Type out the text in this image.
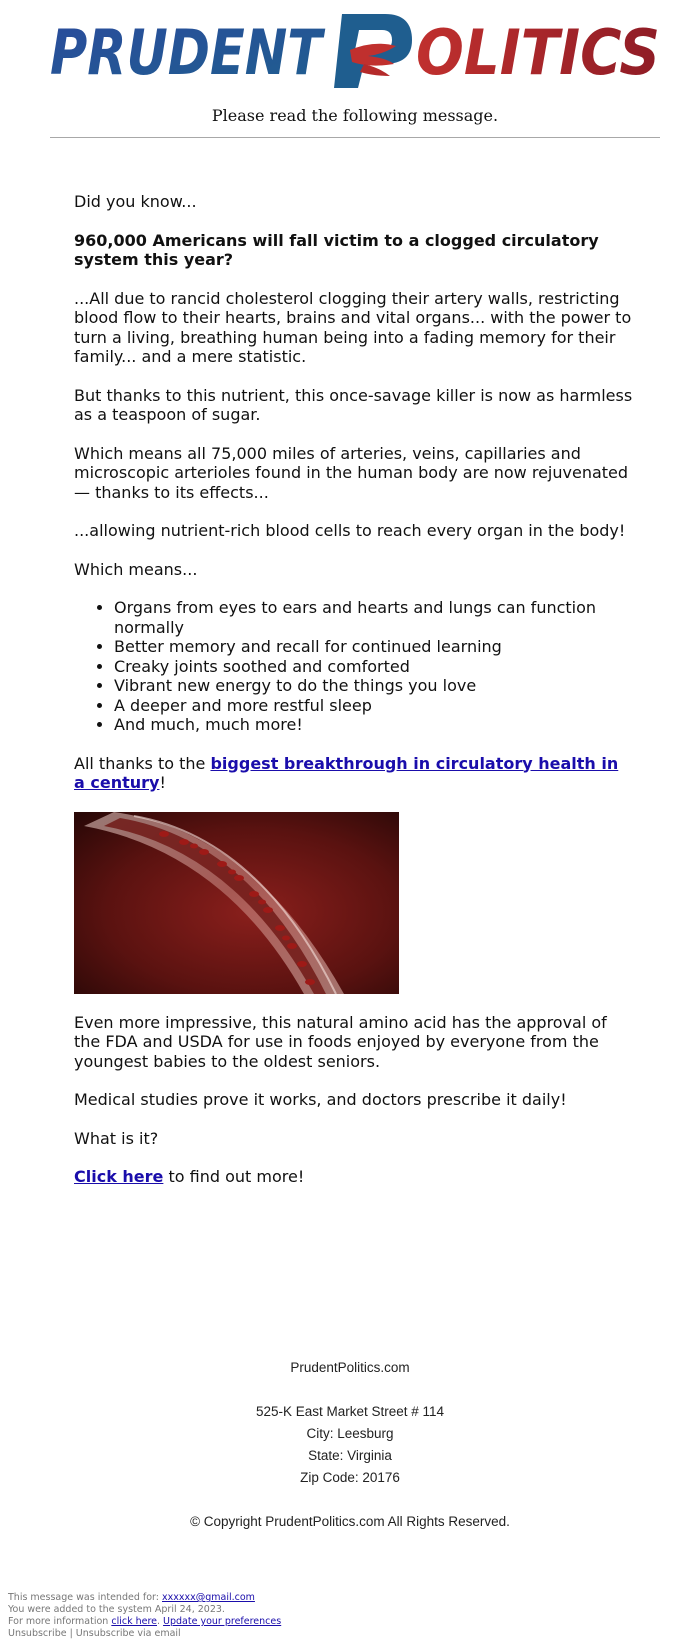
PRUDENT OLITICS
Please read the following message.

Did you know...

960,000 Americans will fall victim to a clogged circulatory system this year?

...All due to rancid cholesterol clogging their artery walls, restricting blood flow to their hearts, brains and vital organs... with the power to turn a living, breathing human being into a fading memory for their family... and a mere statistic.

But thanks to this nutrient, this once-savage killer is now as harmless as a teaspoon of sugar.

Which means all 75,000 miles of arteries, veins, capillaries and microscopic arterioles found in the human body are now rejuvenated — thanks to its effects...

...allowing nutrient-rich blood cells to reach every organ in the body!

Which means...

• Organs from eyes to ears and hearts and lungs can function normally
• Better memory and recall for continued learning
• Creaky joints soothed and comforted
• Vibrant new energy to do the things you love
• A deeper and more restful sleep
• And much, much more!

All thanks to the biggest breakthrough in circulatory health in a century!

Even more impressive, this natural amino acid has the approval of the FDA and USDA for use in foods enjoyed by everyone from the youngest babies to the oldest seniors.

Medical studies prove it works, and doctors prescribe it daily!

What is it?

Click here to find out more!

PrudentPolitics.com
525-K East Market Street # 114
City: Leesburg
State: Virginia
Zip Code: 20176
© Copyright PrudentPolitics.com All Rights Reserved.
This message was intended for: xxxxxx@gmail.com
You were added to the system April 24, 2023.
For more information click here. Update your preferences
Unsubscribe | Unsubscribe via email
